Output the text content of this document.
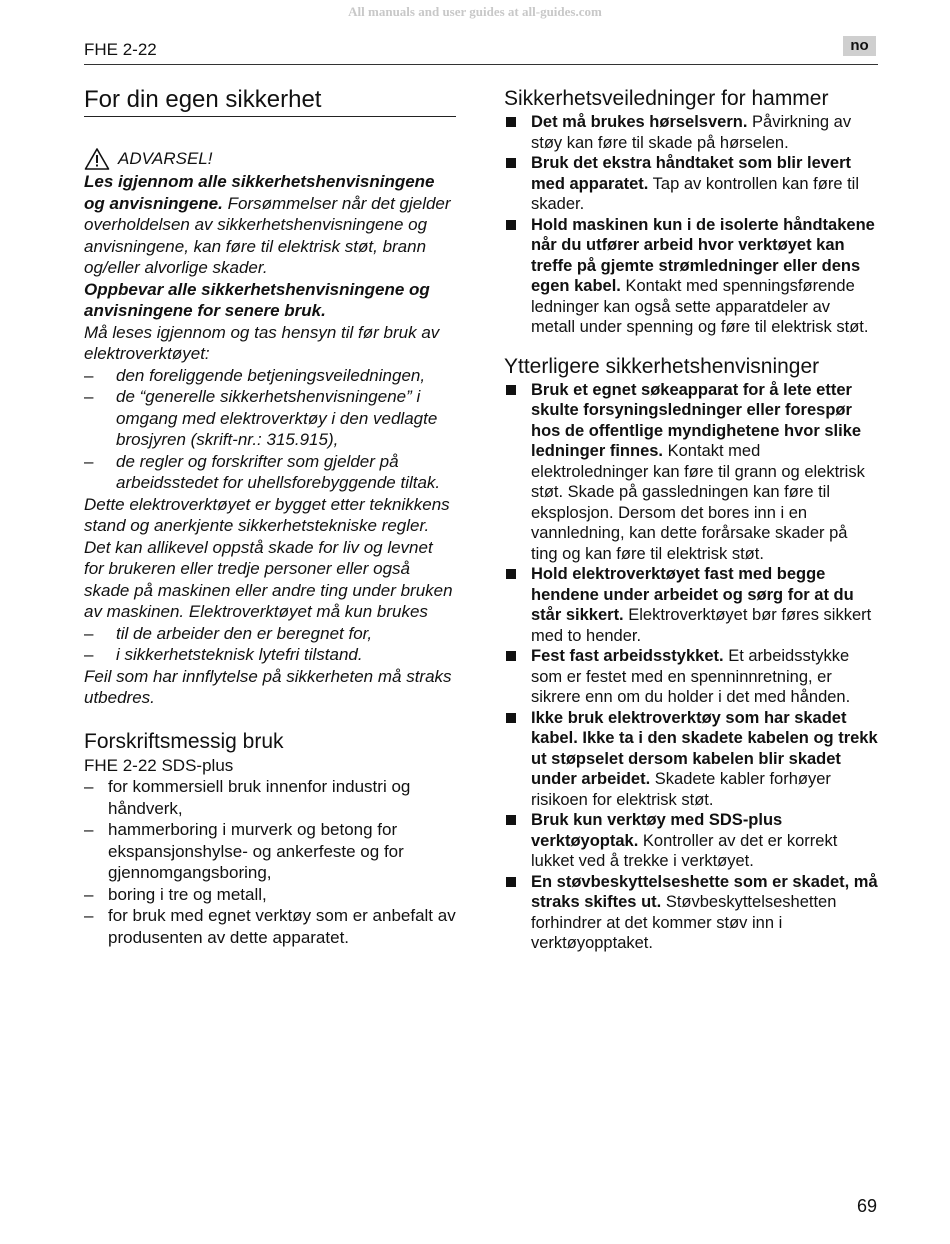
All manuals and user guides at all-guides.com
FHE 2-22	no
For din egen sikkerhet
ADVARSEL!
Les igjennom alle sikkerhetshenvisningene og anvisningene. Forsømmelser når det gjelder overholdelsen av sikkerhetshenvisningene og anvisningene, kan føre til elektrisk støt, brann og/eller alvorlige skader.
Oppbevar alle sikkerhetshenvisningene og anvisningene for senere bruk.
Må leses igjennom og tas hensyn til før bruk av elektroverktøyet:
–	den foreliggende betjeningsveiledningen,
–	de “generelle sikkerhetshenvisningene” i omgang med elektroverktøy i den vedlagte brosjyren (skrift-nr.: 315.915),
–	de regler og forskrifter som gjelder på arbeidsstedet for uhellsforebyggende tiltak.
Dette elektroverktøyet er bygget etter teknikkens stand og anerkjente sikkerhetstekniske regler. Det kan allikevel oppstå skade for liv og levnet for brukeren eller tredje personer eller også skade på maskinen eller andre ting under bruken av maskinen. Elektroverktøyet må kun brukes
–	til de arbeider den er beregnet for,
–	i sikkerhetsteknisk lytefri tilstand.
Feil som har innflytelse på sikkerheten må straks utbedres.
Forskriftsmessig bruk
FHE 2-22 SDS-plus
– for kommersiell bruk innenfor industri og håndverk,
– hammerboring i murverk og betong for ekspansjonshylse- og ankerfeste og for gjennomgangsboring,
– boring i tre og metall,
– for bruk med egnet verktøy som er anbefalt av produsenten av dette apparatet.
Sikkerhetsveiledninger for hammer
Det må brukes hørselsvern. Påvirkning av støy kan føre til skade på hørselen.
Bruk det ekstra håndtaket som blir levert med apparatet. Tap av kontrollen kan føre til skader.
Hold maskinen kun i de isolerte håndtakene når du utfører arbeid hvor verktøyet kan treffe på gjemte strømledninger eller dens egen kabel. Kontakt med spenningsførende ledninger kan også sette apparatdeler av metall under spenning og føre til elektrisk støt.
Ytterligere sikkerhetshenvisninger
Bruk et egnet søkeapparat for å lete etter skulte forsyningsledninger eller forespør hos de offentlige myndighetene hvor slike ledninger finnes. Kontakt med elektroledninger kan føre til grann og elektrisk støt. Skade på gassledningen kan føre til eksplosjon. Dersom det bores inn i en vannledning, kan dette forårsake skader på ting og kan føre til elektrisk støt.
Hold elektroverktøyet fast med begge hendene under arbeidet og sørg for at du står sikkert. Elektroverktøyet bør føres sikkert med to hender.
Fest fast arbeidsstykket. Et arbeidsstykke som er festet med en spenninnretning, er sikrere enn om du holder i det med hånden.
Ikke bruk elektroverktøy som har skadet kabel. Ikke ta i den skadete kabelen og trekk ut støpselet dersom kabelen blir skadet under arbeidet. Skadete kabler forhøyer risikoen for elektrisk støt.
Bruk kun verktøy med SDS-plus verktøyoptak. Kontroller av det er korrekt lukket ved å trekke i verktøyet.
En støvbeskyttelseshette som er skadet, må straks skiftes ut. Støvbeskyttelseshetten forhindrer at det kommer støv inn i verktøyopptaket.
69
